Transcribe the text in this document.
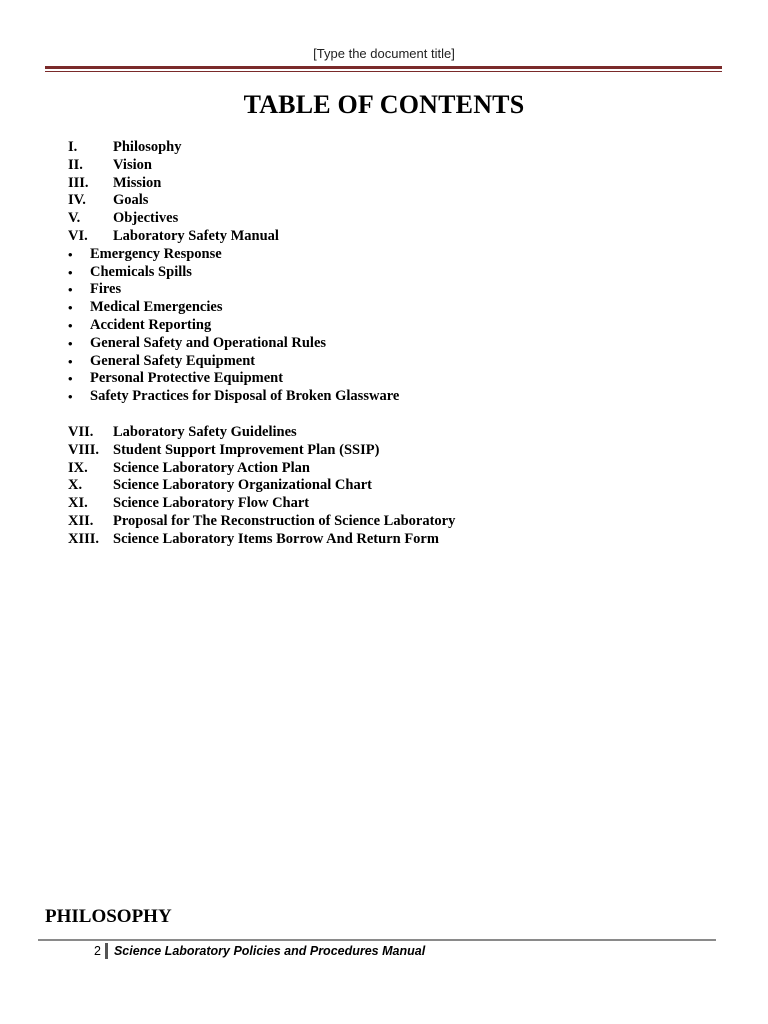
[Type the document title]
TABLE OF CONTENTS
I.	Philosophy
II.	Vision
III.	Mission
IV.	Goals
V.	Objectives
VI.	Laboratory Safety Manual
•	Emergency Response
•	Chemicals Spills
•	Fires
•	Medical Emergencies
•	Accident Reporting
•	General Safety and Operational Rules
•	General Safety Equipment
•	Personal Protective Equipment
•	Safety Practices for Disposal of Broken Glassware
VII.	Laboratory Safety Guidelines
VIII. Student Support Improvement Plan (SSIP)
IX.	Science Laboratory Action Plan
X.	Science Laboratory Organizational Chart
XI.	Science Laboratory Flow Chart
XII.	Proposal for The Reconstruction of Science Laboratory
XIII. Science Laboratory Items Borrow And Return Form
PHILOSOPHY
2 Science Laboratory Policies and Procedures Manual
